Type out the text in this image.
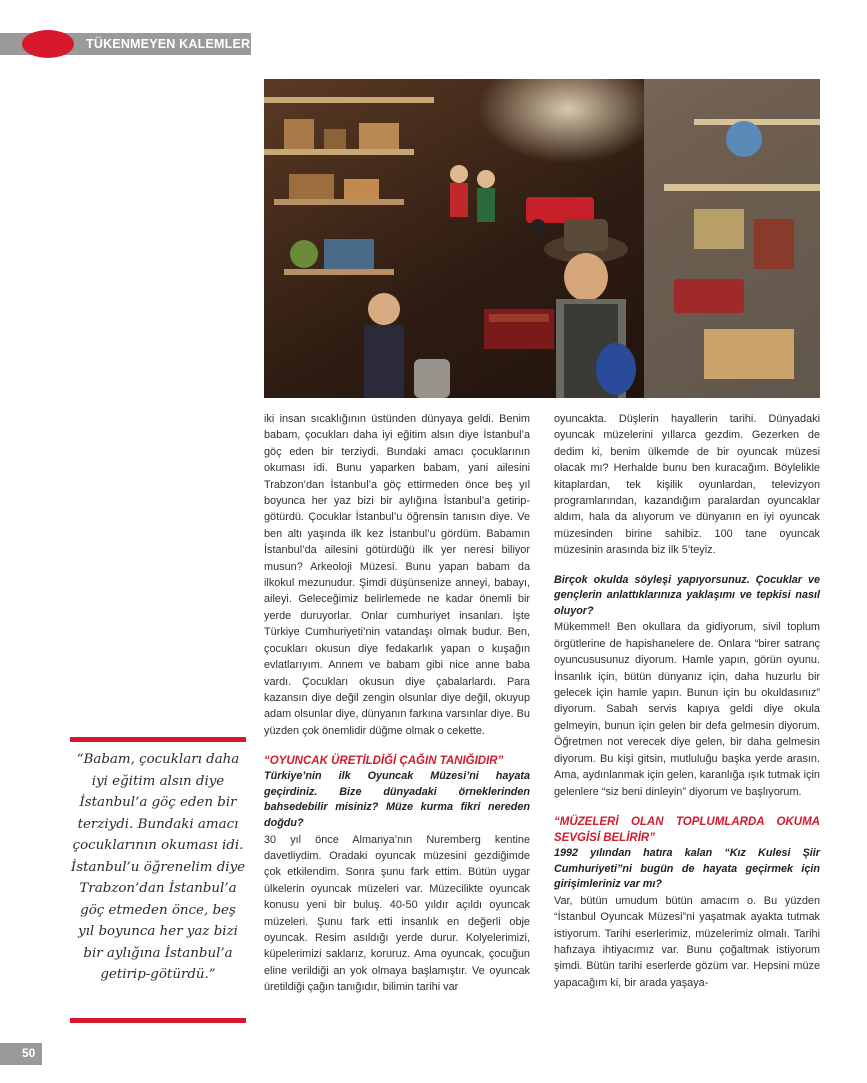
TÜKENMEYEN KALEMLER

iki insan sıcaklığının üstünden dünyaya geldi. Benim babam, çocukları daha iyi eğitim alsın diye İstanbul’a göç eden bir terziydi. Bundaki amacı çocuklarının okuması idi. Bunu yaparken babam, yani ailesini Trabzon’dan İstanbul’a göç ettirmeden önce beş yıl boyunca her yaz bizi bir aylığına İstanbul’a getirip-götürdü. Çocuklar İstanbul’u öğrensin tanısın diye. Ve ben altı yaşında ilk kez İstanbul’u gördüm. Babamın İstanbul’da ailesini götürdüğü ilk yer neresi biliyor musun? Arkeoloji Müzesi. Bunu yapan babam da ilkokul mezunudur. Şimdi düşünsenize anneyi, babayı, aileyi. Geleceğimiz belirlemede ne kadar önemli bir yerde duruyorlar. Onlar cumhuriyet insanları. İşte Türkiye Cumhuriyeti’nin vatandaşı olmak budur. Ben, çocukları okusun diye fedakarlık yapan o kuşağın evlatlarıyım. Annem ve babam gibi nice anne baba vardı. Çocukları okusun diye çabalarlardı. Para kazansın diye değil zengin olsunlar diye değil, okuyup adam olsunlar diye, dünyanın farkına varsınlar diye. Bu yüzden çok önemlidir düğme olmak o cekette.

“OYUNCAK ÜRETİLDİĞİ ÇAĞIN TANIĞIDIR”

Türkiye’nin ilk Oyuncak Müzesi’ni hayata geçirdiniz. Bize dünyadaki örneklerinden bahsedebilir misiniz? Müze kurma fikri nereden doğdu?

30 yıl önce Almanya’nın Nuremberg kentine davetliydim. Oradaki oyuncak müzesini gezdiğimde çok etkilendim. Sonra şunu fark ettim. Bütün uygar ülkelerin oyuncak müzeleri var. Müzecilikte oyuncak konusu yeni bir buluş. 40-50 yıldır açıldı oyuncak müzeleri. Şunu fark etti insanlık en değerli obje oyuncak. Resim asıldığı yerde durur. Kolyelerimizi, küpelerimizi saklarız, koruruz. Ama oyuncak, çocuğun eline verildiği an yok olmaya başlamıştır. Ve oyuncak üretildiği çağın tanığıdır, bilimin tarihi var

oyuncakta. Düşlerin hayallerin tarihi. Dünyadaki oyuncak müzelerini yıllarca gezdim. Gezerken de dedim ki, benim ülkemde de bir oyuncak müzesi olacak mı? Herhalde bunu ben kuracağım. Böylelikle kitaplardan, tek kişilik oyunlardan, televizyon programlarından, kazandığım paralardan oyuncaklar aldım, hala da alıyorum ve dünyanın en iyi oyuncak müzesinden birine sahibiz. 100 tane oyuncak müzesinin arasında biz ilk 5’teyiz.

Birçok okulda söyleşi yapıyorsunuz. Çocuklar ve gençlerin anlattıklarınıza yaklaşımı ve tepkisi nasıl oluyor?

Mükemmel! Ben okullara da gidiyorum, sivil toplum örgütlerine de hapishanelere de. Onlara “birer satranç oyuncususunuz diyorum. Hamle yapın, görün oyunu. İnsanlık için, bütün dünyanız için, daha huzurlu bir gelecek için hamle yapın. Bunun için bu okuldasınız” diyorum. Sabah servis kapıya geldi diye okula gelmeyin, bunun için gelen bir defa gelmesin diyorum. Öğretmen not verecek diye gelen, bir daha gelmesin diyorum. Bu kişi gitsin, mutluluğu başka yerde arasın. Ama, aydınlanmak için gelen, karanlığa ışık tutmak için gelenlere “siz beni dinleyin” diyorum ve başlıyorum.

“MÜZELERİ OLAN TOPLUMLARDA OKUMA SEVGİSİ BELİRİR”

1992 yılından hatıra kalan “Kız Kulesi Şiir Cumhuriyeti”ni bugün de hayata geçirmek için girişimleriniz var mı?

Var, bütün umudum bütün amacım o. Bu yüzden “İstanbul Oyuncak Müzesi”ni yaşatmak ayakta tutmak istiyorum. Tarihi eserlerimiz, müzelerimiz olmalı. Tarihi hafızaya ihtiyacımız var. Bunu çoğaltmak istiyorum şimdi. Bütün tarihi eserlerde gözüm var. Hepsini müze yapacağım ki, bir arada yaşaya-

“Babam, çocukları daha iyi eğitim alsın diye İstanbul’a göç eden bir terziydi. Bundaki amacı çocuklarının okuması idi. İstanbul’u öğrenelim diye Trabzon’dan İstanbul’a göç etmeden önce, beş yıl boyunca her yaz bizi bir aylığına İstanbul’a getirip-götürdü.”
50
